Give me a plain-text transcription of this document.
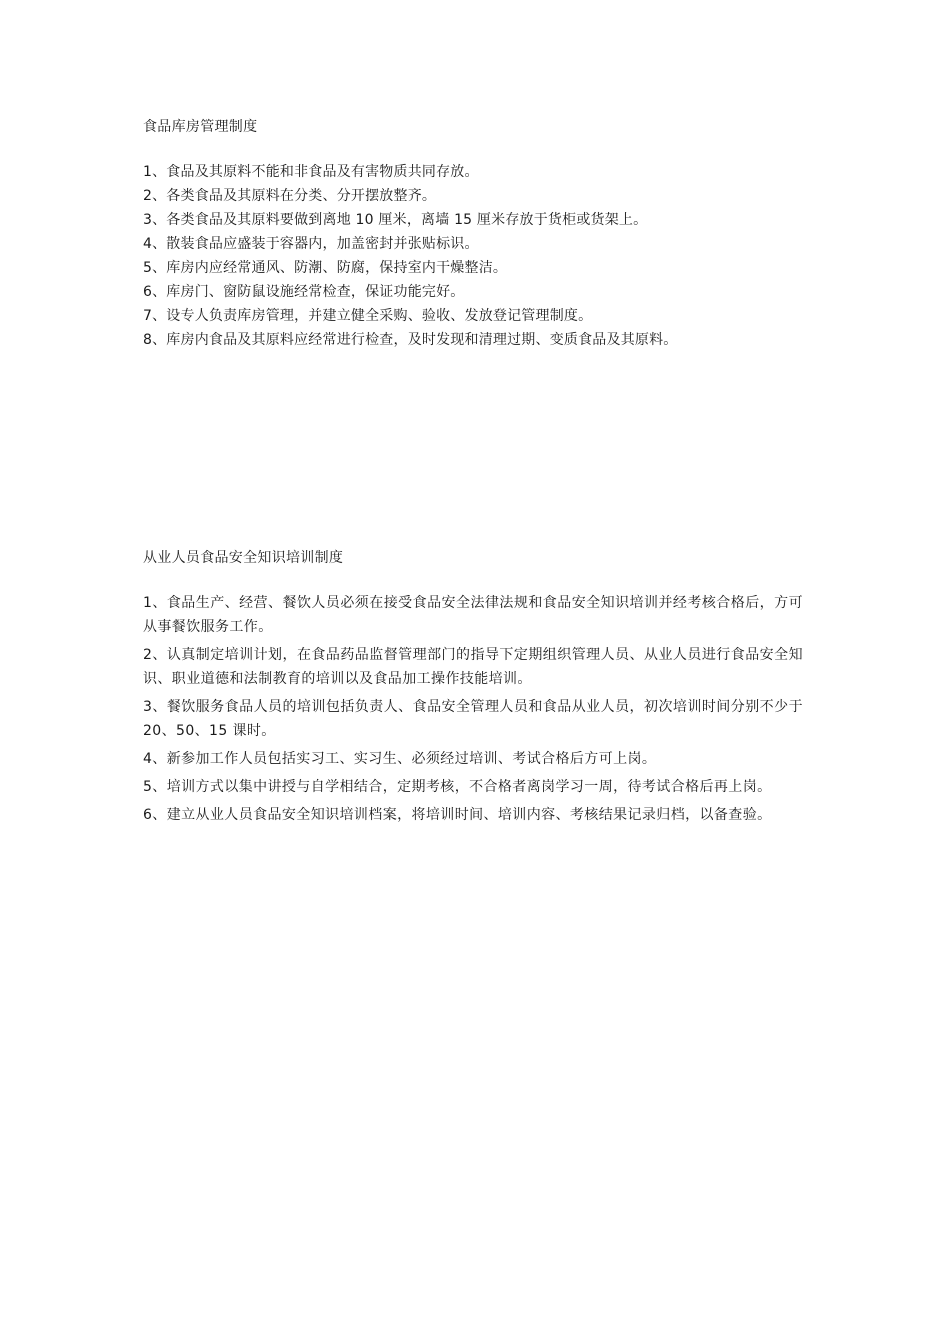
食品库房管理制度
1、食品及其原料不能和非食品及有害物质共同存放。
2、各类食品及其原料在分类、分开摆放整齐。
3、各类食品及其原料要做到离地 10 厘米，离墙 15 厘米存放于货柜或货架上。
4、散装食品应盛装于容器内，加盖密封并张贴标识。
5、库房内应经常通风、防潮、防腐，保持室内干燥整洁。
6、库房门、窗防鼠设施经常检查，保证功能完好。
7、设专人负责库房管理，并建立健全采购、验收、发放登记管理制度。
8、库房内食品及其原料应经常进行检查，及时发现和清理过期、变质食品及其原料。
从业人员食品安全知识培训制度
1、食品生产、经营、餐饮人员必须在接受食品安全法律法规和食品安全知识培训并经考核合格后，方可从事餐饮服务工作。
2、认真制定培训计划，在食品药品监督管理部门的指导下定期组织管理人员、从业人员进行食品安全知识、职业道德和法制教育的培训以及食品加工操作技能培训。
3、餐饮服务食品人员的培训包括负责人、食品安全管理人员和食品从业人员，初次培训时间分别不少于 20、50、15 课时。
4、新参加工作人员包括实习工、实习生、必须经过培训、考试合格后方可上岗。
5、培训方式以集中讲授与自学相结合，定期考核，不合格者离岗学习一周，待考试合格后再上岗。
6、建立从业人员食品安全知识培训档案，将培训时间、培训内容、考核结果记录归档，以备查验。
